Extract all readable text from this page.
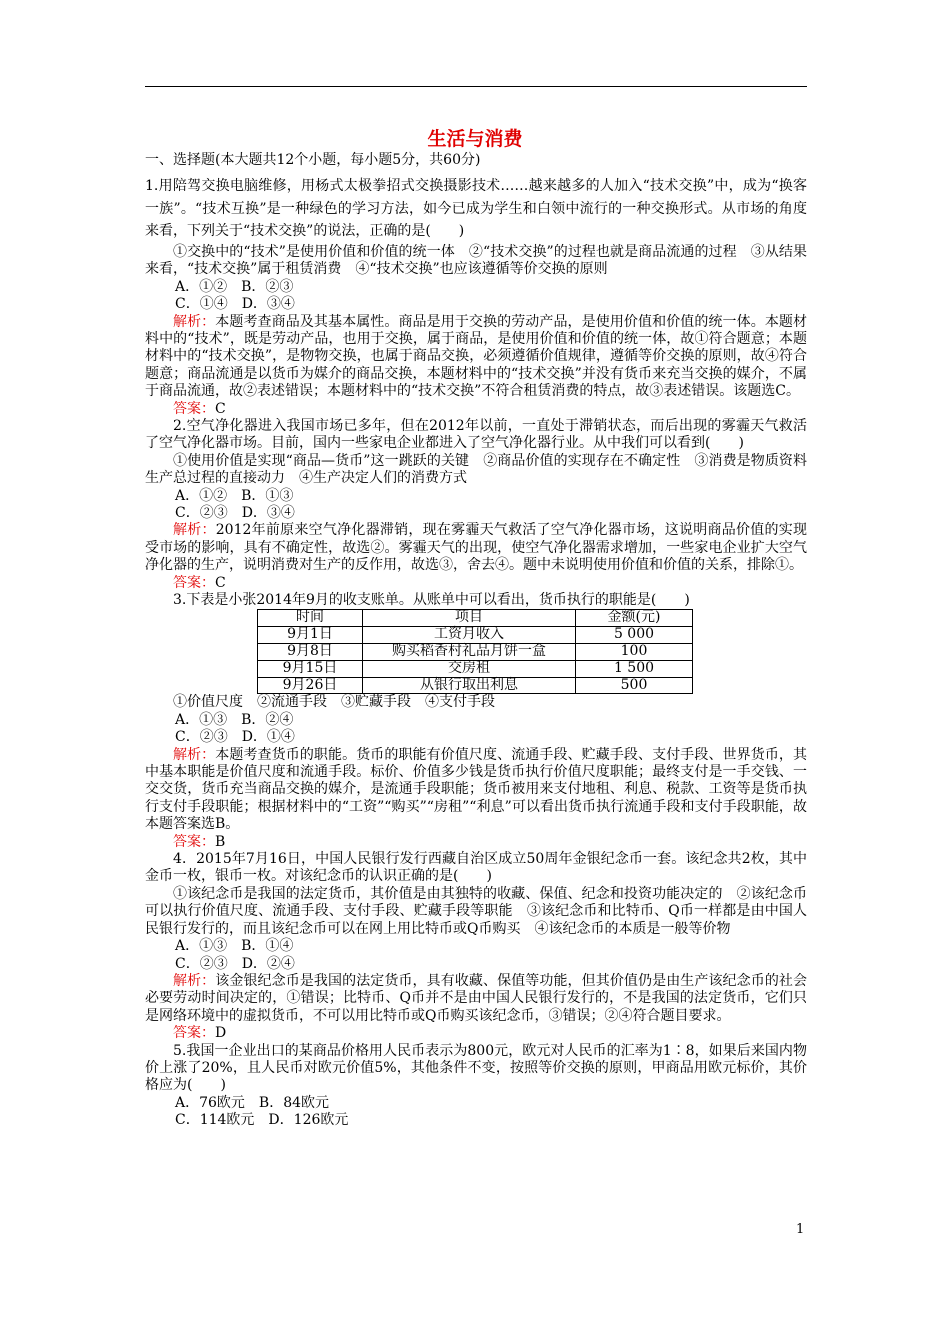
生活与消费

一、选择题(本大题共12个小题，每小题5分，共60分)

1.用陪驾交换电脑维修，用杨式太极拳招式交换摄影技术……越来越多的人加入“技术交换”中，成为“换客一族”。“技术互换”是一种绿色的学习方法，如今已成为学生和白领中流行的一种交换形式。从市场的角度来看，下列关于“技术交换”的说法，正确的是(　　)

①交换中的“技术”是使用价值和价值的统一体　②“技术交换”的过程也就是商品流通的过程　③从结果来看，“技术交换”属于租赁消费　④“技术交换”也应该遵循等价交换的原则

A．①②　B．②③

C．①④　D．③④

解析：本题考查商品及其基本属性。商品是用于交换的劳动产品，是使用价值和价值的统一体。本题材料中的“技术”，既是劳动产品，也用于交换，属于商品，是使用价值和价值的统一体，故①符合题意；本题材料中的“技术交换”，是物物交换，也属于商品交换，必须遵循价值规律，遵循等价交换的原则，故④符合题意；商品流通是以货币为媒介的商品交换，本题材料中的“技术交换”并没有货币来充当交换的媒介，不属于商品流通，故②表述错误；本题材料中的“技术交换”不符合租赁消费的特点，故③表述错误。该题选C。

答案：C

2.空气净化器进入我国市场已多年，但在2012年以前，一直处于滞销状态，而后出现的雾霾天气救活了空气净化器市场。目前，国内一些家电企业都进入了空气净化器行业。从中我们可以看到(　　)

①使用价值是实现“商品—货币”这一跳跃的关键　②商品价值的实现存在不确定性　③消费是物质资料生产总过程的直接动力　④生产决定人们的消费方式

A．①②　B．①③

C．②③　D．③④

解析：2012年前原来空气净化器滞销，现在雾霾天气救活了空气净化器市场，这说明商品价值的实现受市场的影响，具有不确定性，故选②。雾霾天气的出现，使空气净化器需求增加，一些家电企业扩大空气净化器的生产，说明消费对生产的反作用，故选③，舍去④。题中未说明使用价值和价值的关系，排除①。

答案：C

3.下表是小张2014年9月的收支账单。从账单中可以看出，货币执行的职能是(　　)

时间	项目	金额(元)
9月1日	工资月收入	5 000
9月8日	购买稻香村礼品月饼一盒	100
9月15日	交房租	1 500
9月26日	从银行取出利息	500

①价值尺度　②流通手段　③贮藏手段　④支付手段

A．①③　B．②④

C．②③　D．①④

解析：本题考查货币的职能。货币的职能有价值尺度、流通手段、贮藏手段、支付手段、世界货币，其中基本职能是价值尺度和流通手段。标价、价值多少钱是货币执行价值尺度职能；最终支付是一手交钱、一交交货，货币充当商品交换的媒介，是流通手段职能；货币被用来支付地租、利息、税款、工资等是货币执行支付手段职能；根据材料中的“工资”“购买”“房租”“利息”可以看出货币执行流通手段和支付手段职能，故本题答案选B。

答案：B

4．2015年7月16日，中国人民银行发行西藏自治区成立50周年金银纪念币一套。该纪念共2枚，其中金币一枚，银币一枚。对该纪念币的认识正确的是(　　)

①该纪念币是我国的法定货币，其价值是由其独特的收藏、保值、纪念和投资功能决定的　②该纪念币可以执行价值尺度、流通手段、支付手段、贮藏手段等职能　③该纪念币和比特币、Q币一样都是由中国人民银行发行的，而且该纪念币可以在网上用比特币或Q币购买　④该纪念币的本质是一般等价物

A．①③　B．①④

C．②③　D．②④

解析：该金银纪念币是我国的法定货币，具有收藏、保值等功能，但其价值仍是由生产该纪念币的社会必要劳动时间决定的，①错误；比特币、Q币并不是由中国人民银行发行的，不是我国的法定货币，它们只是网络环境中的虚拟货币，不可以用比特币或Q币购买该纪念币，③错误；②④符合题目要求。

答案：D

5.我国一企业出口的某商品价格用人民币表示为800元，欧元对人民币的汇率为1∶8，如果后来国内物价上涨了20%，且人民币对欧元价值5%，其他条件不变，按照等价交换的原则，甲商品用欧元标价，其价格应为(　　)

A．76欧元　B．84欧元

C．114欧元　D．126欧元

1
